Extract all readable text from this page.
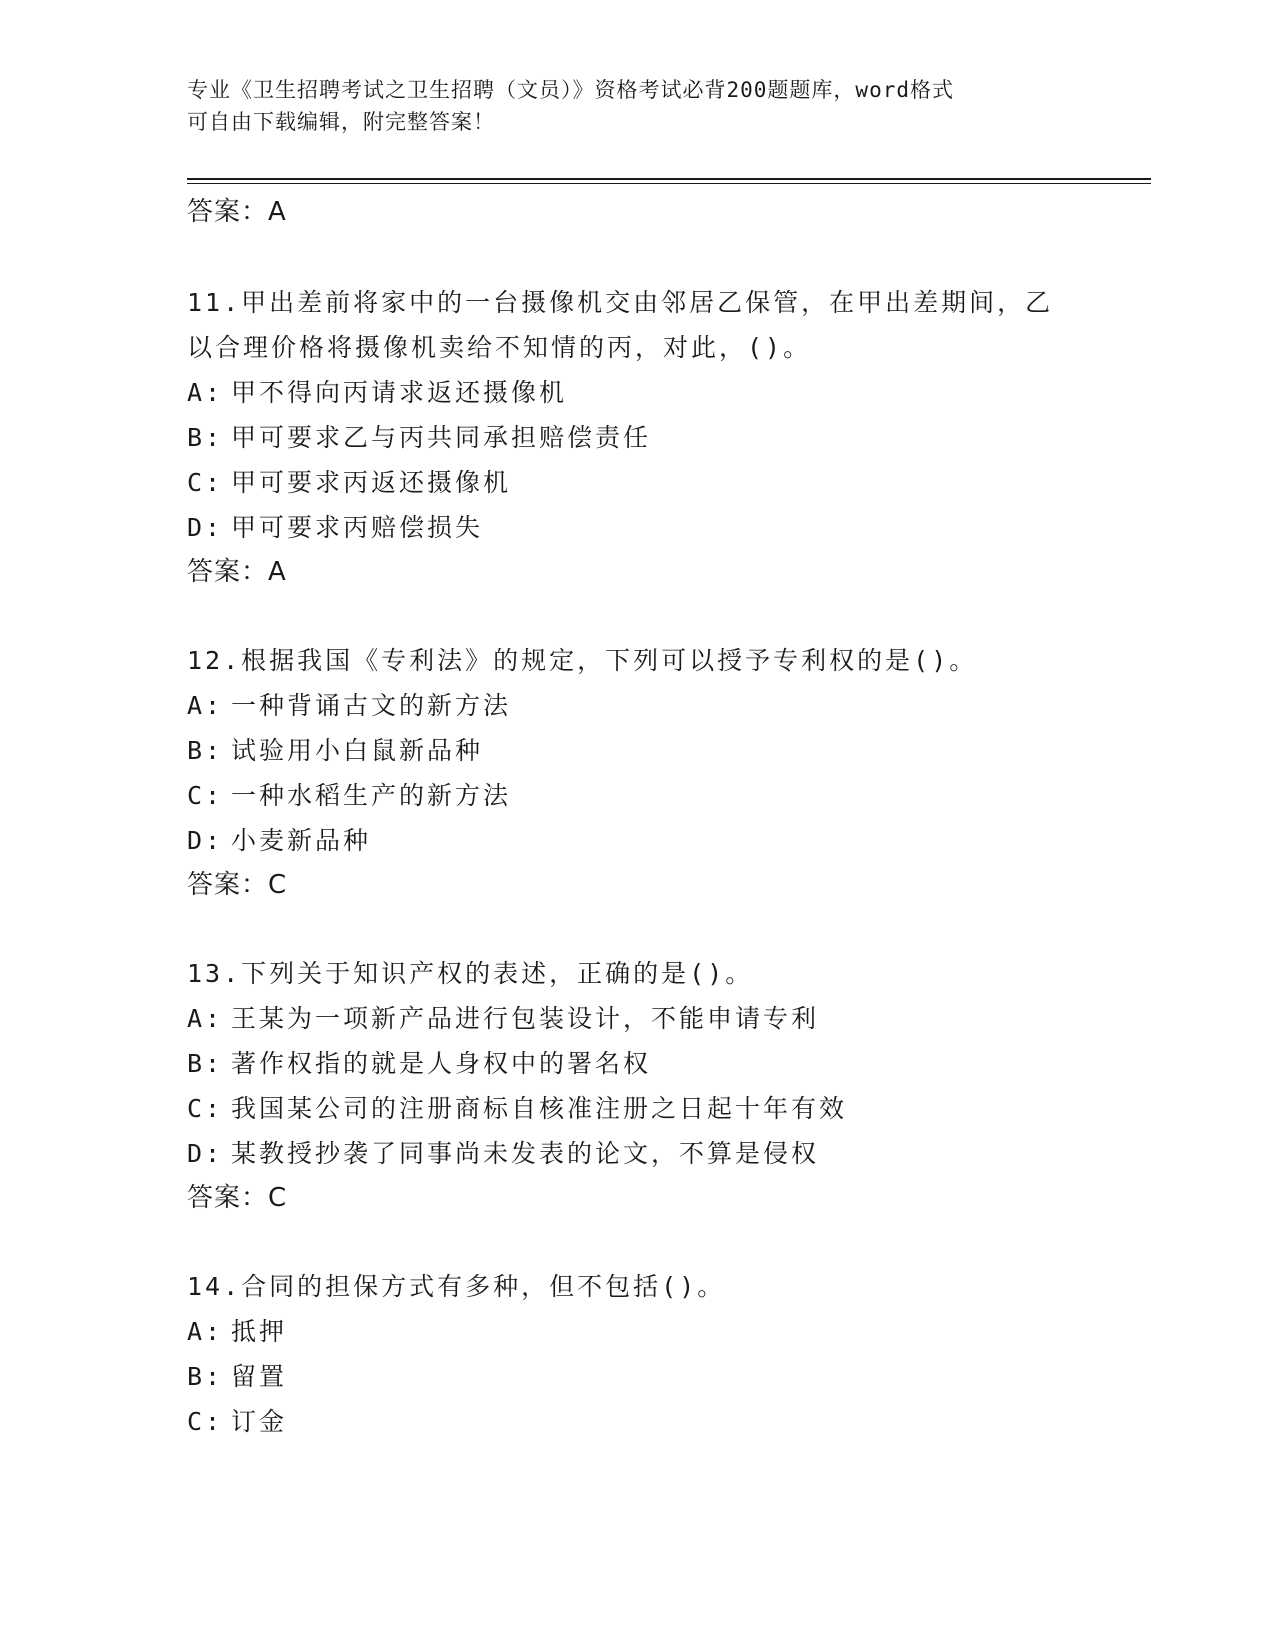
专业《卫生招聘考试之卫生招聘（文员）》资格考试必背200题题库，word格式
可自由下载编辑，附完整答案！
答案：A
11.甲出差前将家中的一台摄像机交由邻居乙保管，在甲出差期间，乙
以合理价格将摄像机卖给不知情的丙，对此，()。
A: 甲不得向丙请求返还摄像机
B: 甲可要求乙与丙共同承担赔偿责任
C: 甲可要求丙返还摄像机
D: 甲可要求丙赔偿损失
答案：A
12.根据我国《专利法》的规定，下列可以授予专利权的是()。
A: 一种背诵古文的新方法
B: 试验用小白鼠新品种
C: 一种水稻生产的新方法
D: 小麦新品种
答案：C
13.下列关于知识产权的表述，正确的是()。
A: 王某为一项新产品进行包装设计，不能申请专利
B: 著作权指的就是人身权中的署名权
C: 我国某公司的注册商标自核准注册之日起十年有效
D: 某教授抄袭了同事尚未发表的论文，不算是侵权
答案：C
14.合同的担保方式有多种，但不包括()。
A: 抵押
B: 留置
C: 订金
